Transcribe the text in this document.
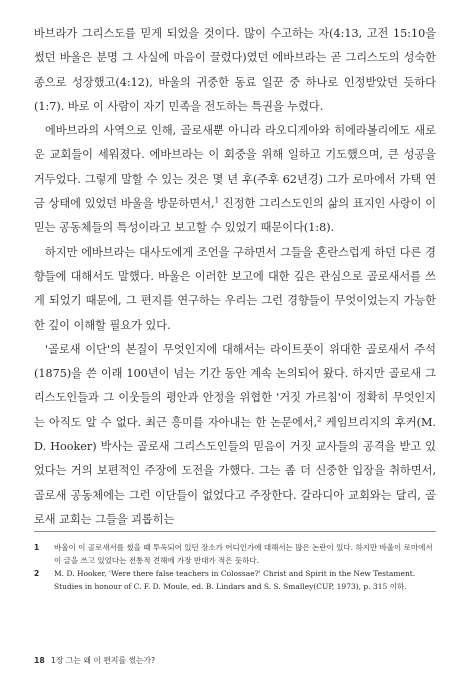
바브라가 그리스도를 믿게 되었을 것이다. 많이 수고하는 자(4:13, 고전 15:10을 썼던 바울은 분명 그 사실에 마음이 끌렸다)였던 에바브라는 곧 그리스도의 성숙한 종으로 성장했고(4:12), 바울의 귀중한 동료 일꾼 중 하나로 인정받았던 듯하다(1:7). 바로 이 사람이 자기 민족을 전도하는 특권을 누렸다.

에바브라의 사역으로 인해, 골로새뿐 아니라 라오디게아와 히에라볼리에도 새로운 교회들이 세워졌다. 에바브라는 이 회중을 위해 일하고 기도했으며, 큰 성공을 거두었다. 그렇게 말할 수 있는 것은 몇 년 후(주후 62년경) 그가 로마에서 가택 연금 상태에 있었던 바울을 방문하면서,$^1$ 진정한 그리스도인의 삶의 표지인 사랑이 이 믿는 공동체들의 특성이라고 보고할 수 있었기 때문이다(1:8).

하지만 에바브라는 대사도에게 조언을 구하면서 그들을 혼란스럽게 하던 다른 경향들에 대해서도 말했다. 바울은 이러한 보고에 대한 깊은 관심으로 골로새서를 쓰게 되었기 때문에, 그 편지를 연구하는 우리는 그런 경향들이 무엇이었는지 가능한 한 깊이 이해할 필요가 있다.

'골로새 이단'의 본질이 무엇인지에 대해서는 라이트풋이 위대한 골로새서 주석(1875)을 쓴 이래 100년이 넘는 기간 동안 계속 논의되어 왔다. 하지만 골로새 그리스도인들과 그 이웃들의 평안과 안정을 위협한 '거짓 가르침'이 정확히 무엇인지는 아직도 알 수 없다. 최근 흥미를 자아내는 한 논문에서,$^2$ 케임브리지의 후커(M. D. Hooker) 박사는 골로새 그리스도인들의 믿음이 거짓 교사들의 공격을 받고 있었다는 거의 보편적인 주장에 도전을 가했다. 그는 좀 더 신중한 입장을 취하면서, 골로새 공동체에는 그런 이단들이 없었다고 주장한다. 갈라디아 교회와는 달리, 골로새 교회는 그들을 괴롭히는

1	바울이 이 골로새서를 썼을 때 투옥되어 있던 장소가 어디인가에 대해서는 많은 논란이 있다. 하지만 바울이 로마에서 이 글을 쓰고 있었다는 전통적 견해에 가장 반대가 적은 듯하다.
2	M. D. Hooker, 'Were there false teachers in Colossae?' Christ and Spirit in the New Testament. Studies in honour of C. F. D. Moule, ed. B. Lindars and S. S. Smalley(CUP, 1973), p. 315 이하.
18 1장 그는 왜 이 편지를 썼는가?
